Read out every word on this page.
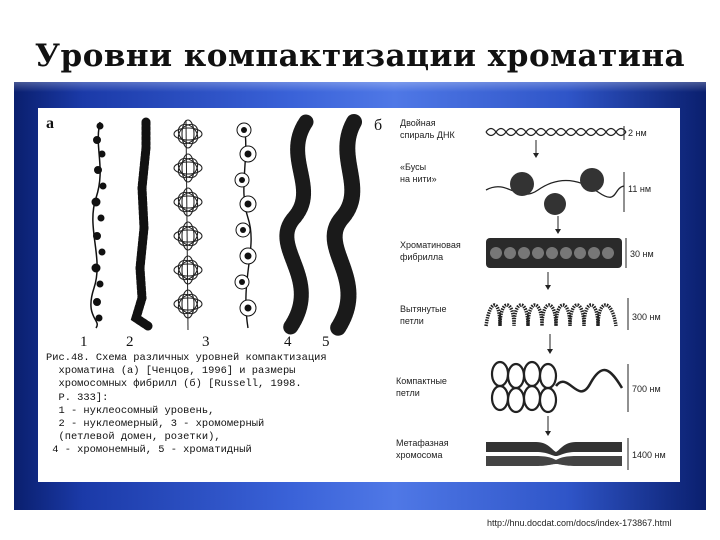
Уровни компактизации хроматина
а	б
1	2	3	4 5
Двойная
спираль ДНК	2 нм
«Бусы
на нити»
11 нм
Хроматиновая
фибрилла	30 нм
Вытянутые
петли	300 нм
Компактные
петли	700 нм
Метафазная
хромосома	1400 нм
Рис.48. Схема различных уровней компактизация
хроматина (а) [Ченцов, 1996] и размеры
хромосомных фибрилл (б) [Russell, 1998.
P. 333]:
1 - нуклеосомный уровень,
2 - нуклеомерный, 3 - хромомерный
(петлевой домен, розетки),
4 - хромонемный, 5 - хроматидный
http://hnu.docdat.com/docs/index-173867.html
